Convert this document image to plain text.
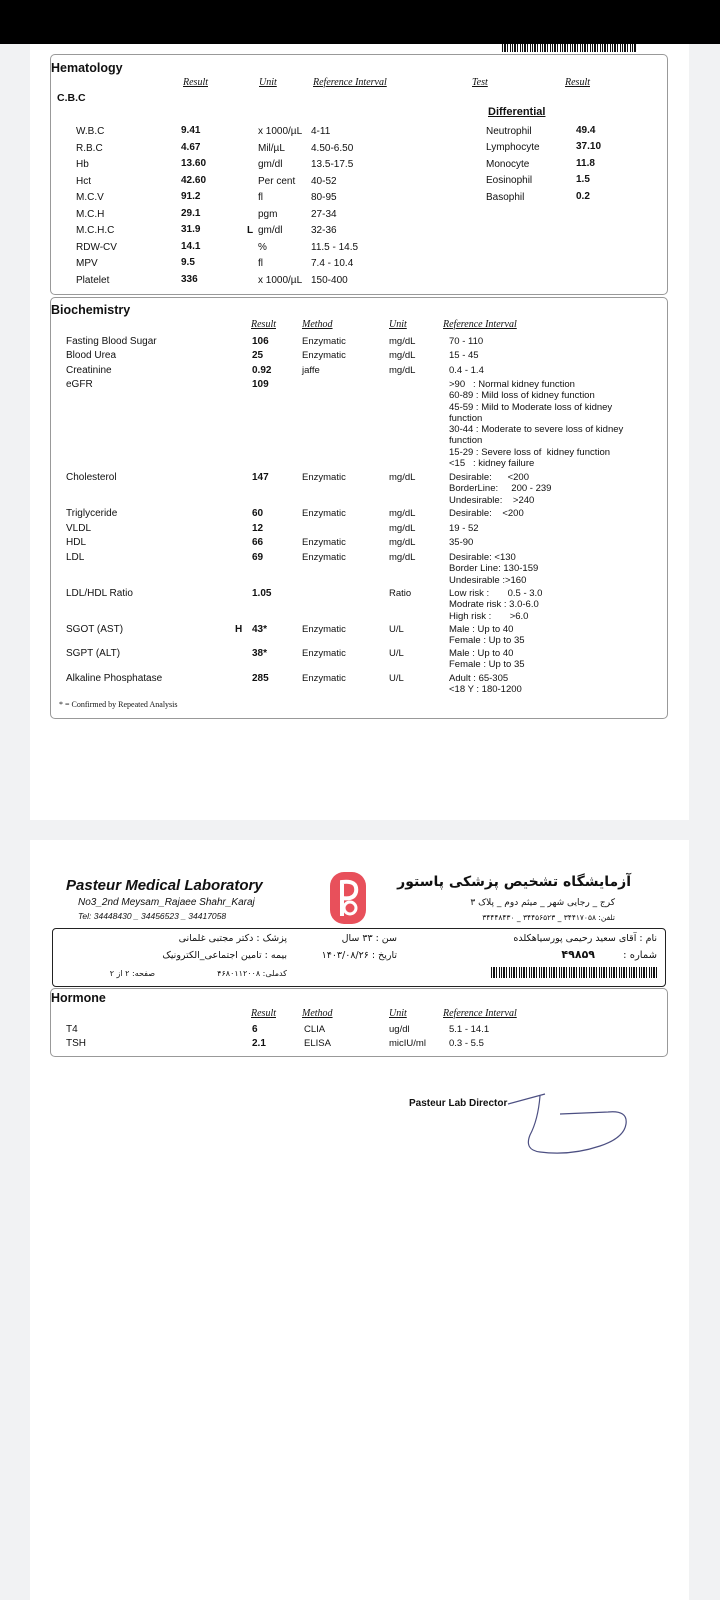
Hematology
Result	Unit	Reference Interval	Test	Result
C.B.C
Differential
W.B.C	9.41	x 1000/µL 4-11
R.B.C	4.67	Mil/µL	4.50-6.50
Hb	13.60	gm/dl	13.5-17.5
Hct	42.60	Per cent 40-52
M.C.V	91.2	fl	80-95
M.C.H	29.1	pgm	27-34
M.C.H.C	31.9	L gm/dl	32-36
RDW-CV	14.1	%	11.5 - 14.5
MPV	9.5	fl	7.4 - 10.4
Platelet	336	x 1000/µL 150-400
Neutrophil	49.4
Lymphocyte	37.10
Monocyte	11.8
Eosinophil	1.5
Basophil	0.2
Biochemistry
Result	Method	Unit	Reference Interval
Fasting Blood Sugar	106	Enzymatic	mg/dL	70 - 110
Blood Urea	25	Enzymatic	mg/dL	15 - 45
Creatinine	0.92	jaffe	mg/dL	0.4 - 1.4
eGFR	109	>90   : Normal kidney function
60-89 : Mild loss of kidney function
45-59 : Mild to Moderate loss of kidney
function
30-44 : Moderate to severe loss of kidney
function
15-29 : Severe loss of  kidney function
<15   : kidney failure
Cholesterol	147	Enzymatic	mg/dL	Desirable:      <200
BorderLine:     200 - 239
Undesirable:    >240
Triglyceride	60	Enzymatic	mg/dL	Desirable:    <200
VLDL	12	mg/dL	19 - 52
HDL	66	Enzymatic	mg/dL	35-90
LDL	69	Enzymatic	mg/dL	Desirable: <130
Border Line: 130-159
Undesirable :>160
LDL/HDL Ratio	1.05	Ratio	Low risk :       0.5 - 3.0
Modrate risk : 3.0-6.0
High risk :       >6.0
SGOT (AST)	H 43*	Enzymatic	U/L	Male : Up to 40
Female : Up to 35
SGPT (ALT)	38*	Enzymatic	U/L	Male : Up to 40
Female : Up to 35
Alkaline Phosphatase	285	Enzymatic	U/L	Adult : 65-305
<18 Y : 180-1200
* = Confirmed by Repeated Analysis
Pasteur Medical Laboratory
No3_2nd Meysam_Rajaee Shahr_Karaj
Tel: 34448430 _ 34456523 _ 34417058
آزمایشگاه تشخیص پزشکی پاستور
کرج _ رجایی شهر _ میثم دوم _ پلاک ۳
تلفن: ۳۴۴۱۷۰۵۸ _ ۳۴۴۵۶۵۲۳ _ ۳۴۴۴۸۴۳۰
نام : آقای سعید رحیمی پورسیاهکلده
سن : ۳۳ سال
پزشک : دکتر مجتبی غلمانی
شماره :
۴۹۸۵۹
تاریخ : ۱۴۰۳/۰۸/۲۶
بیمه : تامین اجتماعی_الکترونیک
کدملی: ۴۶۸۰۱۱۲۰۰۸
صفحه: ۲ از ۲
Hormone
Result	Method	Unit	Reference Interval
T4	6	CLIA	ug/dl	5.1 - 14.1
TSH	2.1	ELISA	micIU/ml 0.3 - 5.5
Pasteur Lab Director
